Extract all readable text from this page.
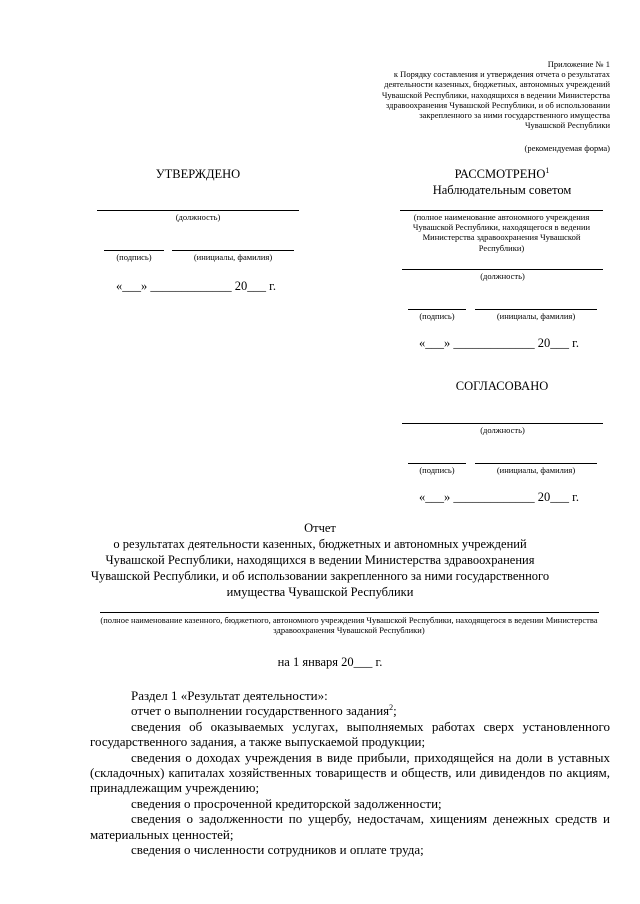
Приложение № 1
к Порядку составления и утверждения отчета о результатах
деятельности казенных, бюджетных, автономных учреждений
Чувашской Республики, находящихся в ведении Министерства
здравоохранения Чувашской Республики, и об использовании
закрепленного за ними государственного имущества
Чувашской Республики
(рекомендуемая форма)
УТВЕРЖДЕНО
(должность)
(подпись)	(инициалы, фамилия)
«___» _____________ 20___ г.
РАССМОТРЕНО$^1$
Наблюдательным советом
(полное наименование автономного учреждения Чувашской Республики, находящегося в ведении Министерства здравоохранения Чувашской Республики)
(должность)
(подпись)	(инициалы, фамилия)
«___» _____________ 20___ г.
СОГЛАСОВАНО
(должность)
(подпись)	(инициалы, фамилия)
«___» _____________ 20___ г.
Отчет
о результатах деятельности казенных, бюджетных и автономных учреждений
Чувашской Республики, находящихся в ведении Министерства здравоохранения
Чувашской Республики, и об использовании закрепленного за ними государственного
имущества Чувашской Республики
(полное наименование казенного, бюджетного, автономного учреждения Чувашской Республики, находящегося в ведении Министерства здравоохранения Чувашской Республики)
на 1 января 20___ г.
Раздел 1 «Результат деятельности»:
отчет о выполнении государственного задания$^2$;
сведения об оказываемых услугах, выполняемых работах сверх установленного государственного задания, а также выпускаемой продукции;
сведения о доходах учреждения в виде прибыли, приходящейся на доли в уставных (складочных) капиталах хозяйственных товариществ и обществ, или дивидендов по акциям, принадлежащим учреждению;
сведения о просроченной кредиторской задолженности;
сведения о задолженности по ущербу, недостачам, хищениям денежных средств и материальных ценностей;
сведения о численности сотрудников и оплате труда;
